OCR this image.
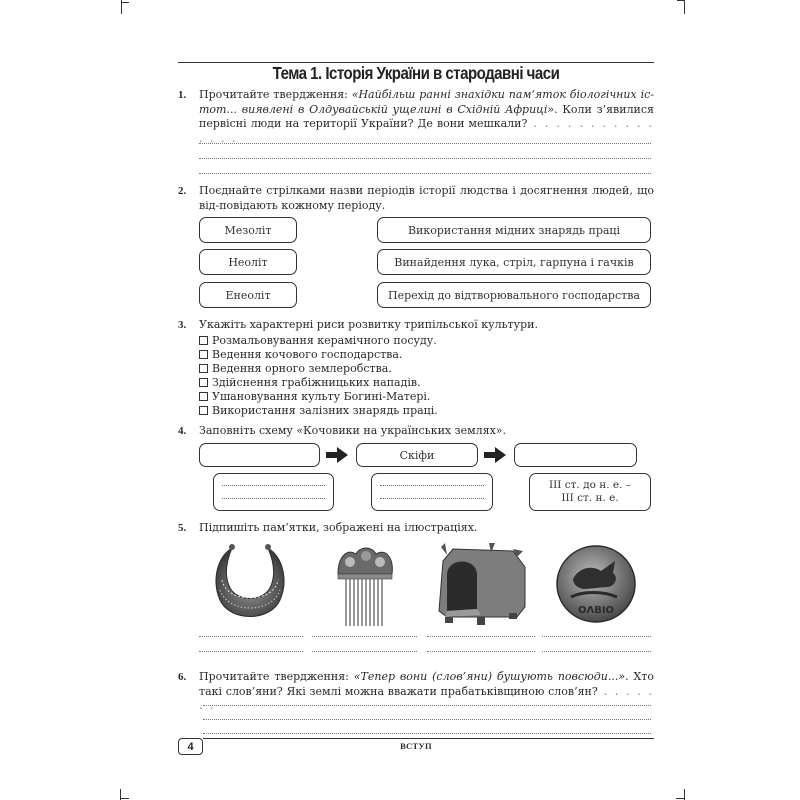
Тема 1. Історія України в стародавні часи
1. Прочитайте твердження: «Найбільш ранні знахідки пам’яток біологічних іс-тот... виявлені в Олдувайській ущелині в Східній Африці». Коли з’явилися первісні люди на території України? Де вони мешкали? . . . . . . . . . . . . . . .
2. Поєднайте стрілками назви періодів історії людства і досягнення людей, що від-повідають кожному періоду.
Мезоліт
Неоліт
Енеоліт
Використання мідних знарядь праці
Винайдення лука, стріл, гарпуна і гачків
Перехід до відтворювального господарства
3. Укажіть характерні риси розвитку трипільської культури.
Розмальовування керамічного посуду.
Ведення кочового господарства.
Ведення орного землеробства.
Здійснення грабіжницьких нападів.
Ушановування культу Богині-Матері.
Використання залізних знарядь праці.
4. Заповніть схему «Кочовики на українських землях».
Скіфи
III ст. до н. е. –
III ст. н. е.
5. Підпишіть пам’ятки, зображені на ілюстраціях.
OΛBIO
6. Прочитайте твердження: «Тепер вони (слов’яни) бушують повсюди...». Хто такі слов’яни? Які землі можна вважати прабатьківщиною слов’ян? . . . . . . .
4	ВСТУП
